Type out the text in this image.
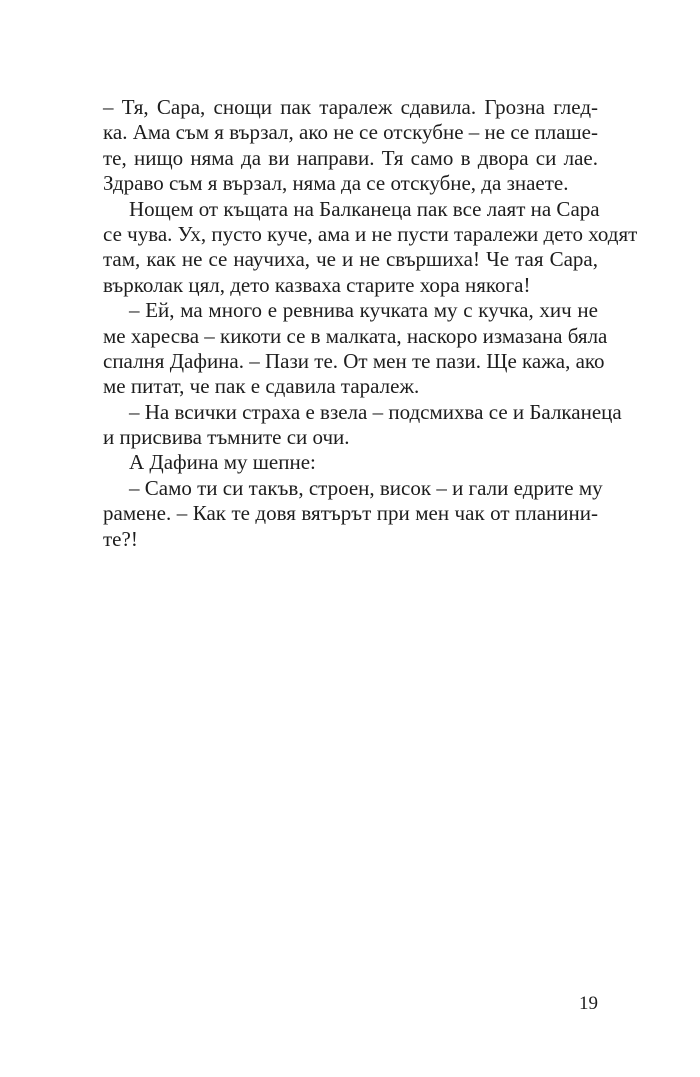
– Тя, Сара, снощи пак таралеж сдавила. Грозна глед-
ка. Ама съм я вързал, ако не се отскубне – не се плаше-
те, нищо няма да ви направи. Тя само в двора си лае.
Здраво съм я вързал, няма да се отскубне, да знаете.
Нощем от къщата на Балканеца пак все лаят на Сара
се чува. Ух, пусто куче, ама и не пусти таралежи дето ходят
там, как не се научиха, че и не свършиха! Че тая Сара,
върколак цял, дето казваха старите хора някога!
– Ей, ма много е ревнива кучката му с кучка, хич не
ме харесва – кикоти се в малката, наскоро измазана бяла
спалня Дафина. – Пази те. От мен те пази. Ще кажа, ако
ме питат, че пак е сдавила таралеж.
– На всички страха е взела – подсмихва се и Балканеца
и присвива тъмните си очи.
А Дафина му шепне:
– Само ти си такъв, строен, висок – и гали едрите му
рамене. – Как те довя вятърът при мен чак от планини-
те?!
19
